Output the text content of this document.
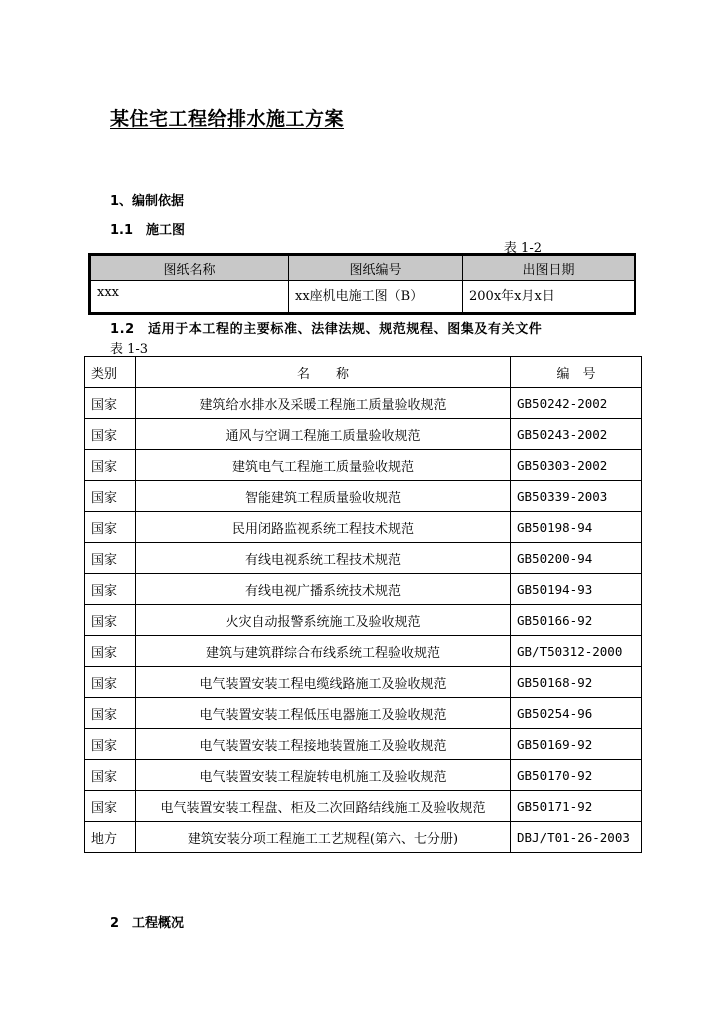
某住宅工程给排水施工方案
1、编制依据
1.1 施工图
表 1-2
图纸名称	图纸编号	出图日期
xxx	xx座机电施工图（B）	200x年x月x日
1.2 适用于本工程的主要标准、法律法规、规范规程、图集及有关文件
表 1-3
类别	名　　称	编　号
国家	建筑给水排水及采暖工程施工质量验收规范	GB50242-2002
国家	通风与空调工程施工质量验收规范	GB50243-2002
国家	建筑电气工程施工质量验收规范	GB50303-2002
国家	智能建筑工程质量验收规范	GB50339-2003
国家	民用闭路监视系统工程技术规范	GB50198-94
国家	有线电视系统工程技术规范	GB50200-94
国家	有线电视广播系统技术规范	GB50194-93
国家	火灾自动报警系统施工及验收规范	GB50166-92
国家	建筑与建筑群综合布线系统工程验收规范	GB/T50312-2000
国家	电气装置安装工程电缆线路施工及验收规范	GB50168-92
国家	电气装置安装工程低压电器施工及验收规范	GB50254-96
国家	电气装置安装工程接地装置施工及验收规范	GB50169-92
国家	电气装置安装工程旋转电机施工及验收规范	GB50170-92
国家	电气装置安装工程盘、柜及二次回路结线施工及验收规范	GB50171-92
地方	建筑安装分项工程施工工艺规程(第六、七分册)	DBJ/T01-26-2003
2 工程概况
